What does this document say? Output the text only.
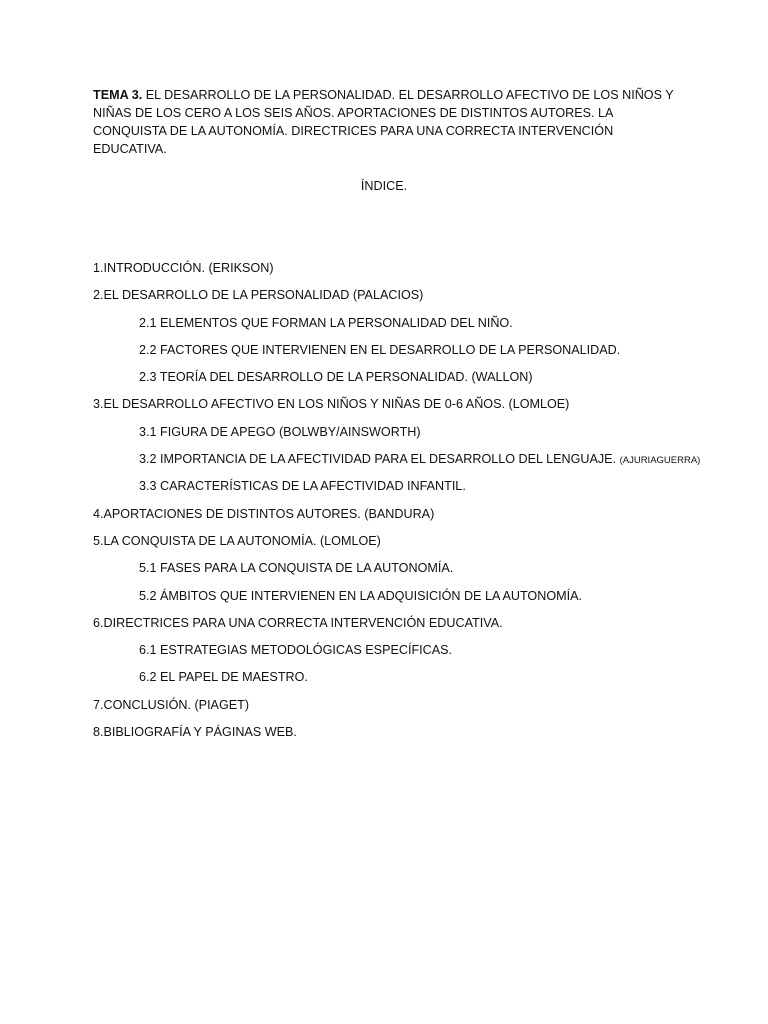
TEMA 3. EL DESARROLLO DE LA PERSONALIDAD. EL DESARROLLO AFECTIVO DE LOS NIÑOS Y NIÑAS DE LOS CERO A LOS SEIS AÑOS. APORTACIONES DE DISTINTOS AUTORES. LA CONQUISTA DE LA AUTONOMÍA. DIRECTRICES PARA UNA CORRECTA INTERVENCIÓN EDUCATIVA.
ÍNDICE.
1.INTRODUCCIÓN. (ERIKSON)
2.EL DESARROLLO DE LA PERSONALIDAD (PALACIOS)
2.1 ELEMENTOS QUE FORMAN LA PERSONALIDAD DEL NIÑO.
2.2 FACTORES QUE INTERVIENEN EN EL DESARROLLO DE LA PERSONALIDAD.
2.3 TEORÍA DEL DESARROLLO DE LA PERSONALIDAD. (WALLON)
3.EL DESARROLLO AFECTIVO EN LOS NIÑOS Y NIÑAS DE 0-6 AÑOS. (LOMLOE)
3.1 FIGURA DE APEGO (BOLWBY/AINSWORTH)
3.2 IMPORTANCIA DE LA AFECTIVIDAD PARA EL DESARROLLO DEL LENGUAJE. (AJURIAGUERRA)
3.3 CARACTERÍSTICAS DE LA AFECTIVIDAD INFANTIL.
4.APORTACIONES DE DISTINTOS AUTORES. (BANDURA)
5.LA CONQUISTA DE LA AUTONOMÍA. (LOMLOE)
5.1 FASES PARA LA CONQUISTA DE LA AUTONOMÍA.
5.2 ÁMBITOS QUE INTERVIENEN EN LA ADQUISICIÓN DE LA AUTONOMÍA.
6.DIRECTRICES PARA UNA CORRECTA INTERVENCIÓN EDUCATIVA.
6.1 ESTRATEGIAS METODOLÓGICAS ESPECÍFICAS.
6.2 EL PAPEL DE MAESTRO.
7.CONCLUSIÓN. (PIAGET)
8.BIBLIOGRAFÍA Y PÁGINAS WEB.
